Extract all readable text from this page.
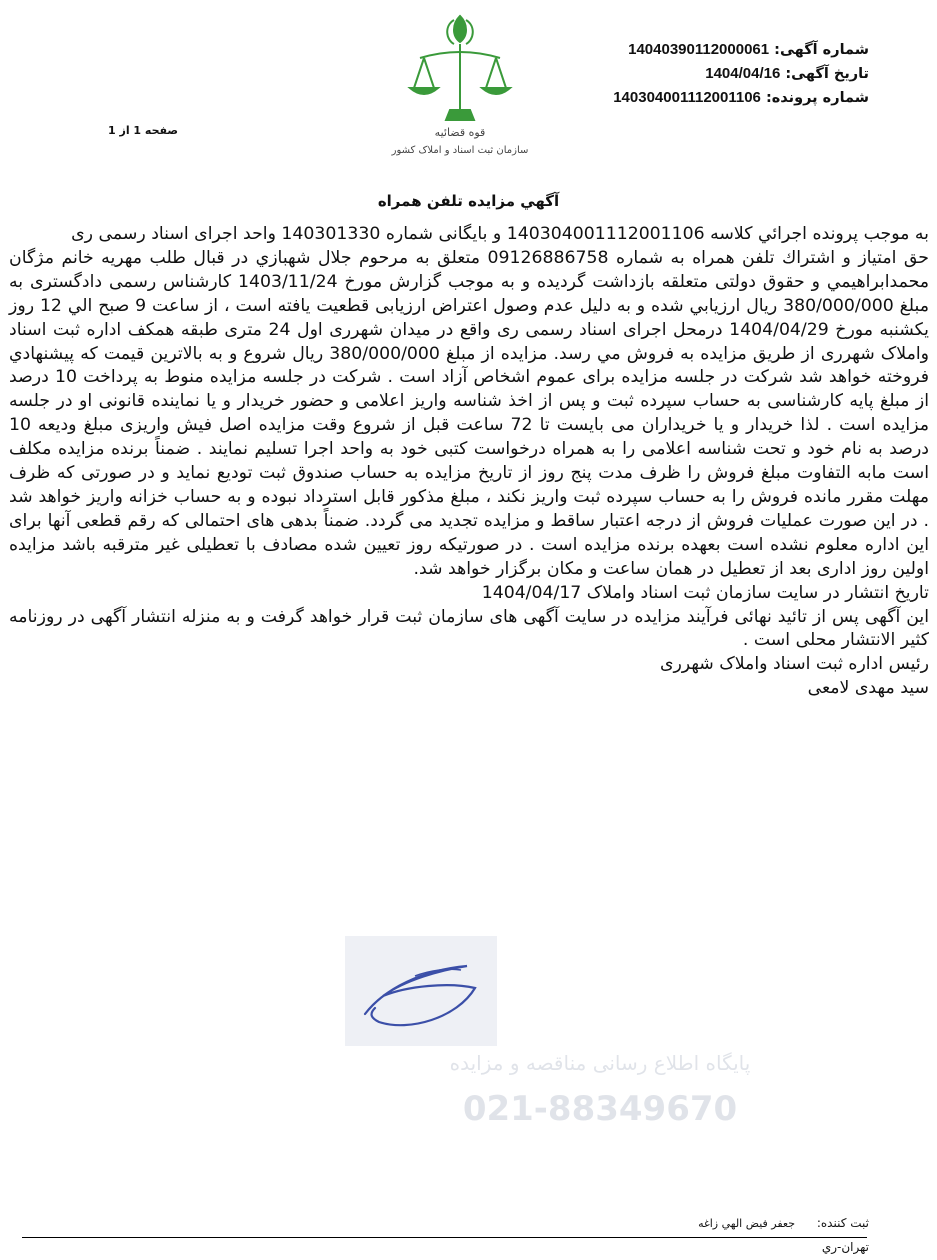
قوه قضائیه
سازمان ثبت اسناد و املاک کشور
شماره آگهی: 14040390112000061
تاریخ آگهی: 1404/04/16
شماره پرونده: 140304001112001106
صفحه 1 از 1
آگهي مزايده تلفن همراه
پایگاه اطلاع رسانی مناقصه و مزایده
021-88349670

به موجب پرونده اجرائي كلاسه 140304001112001106 و بایگانی شماره 140301330 واحد اجرای اسناد رسمی ری

حق امتیاز و اشتراك تلفن همراه به شماره 09126886758 متعلق به مرحوم جلال شهبازي در قبال طلب مهریه خانم مژگان محمدابراهیمي و حقوق دولتی متعلقه بازداشت گردیده و به موجب گزارش مورخ 1403/11/24 کارشناس رسمی دادگستری به مبلغ 380/000/000 ریال ارزیابي شده و به دلیل عدم وصول اعتراض ارزیابی قطعیت یافته است ، از ساعت 9 صبح الي 12 روز يكشنبه مورخ 1404/04/29 درمحل اجرای اسناد رسمی ری واقع در میدان شهرری اول 24 متری طبقه همکف اداره ثبت اسناد واملاک شهرری از طریق مزایده به فروش مي رسد. مزایده از مبلغ 380/000/000 ریال شروع و به بالاترین قیمت که پیشنهادي فروخته خواهد شد شرکت در جلسه مزایده برای عموم اشخاص آزاد است . شرکت در جلسه مزایده منوط به پرداخت 10 درصد از مبلغ پایه کارشناسی به حساب سپرده ثبت و پس از اخذ شناسه واریز اعلامی و حضور خریدار و یا نماینده قانونی او در جلسه مزایده است . لذا خریدار و یا خریداران می بایست تا 72 ساعت قبل از شروع وقت مزایده اصل فیش واریزی مبلغ ودیعه 10 درصد به نام خود و تحت شناسه اعلامی را به همراه درخواست کتبی خود به واحد اجرا تسلیم نمایند . ضمناً برنده مزایده مکلف است مابه التفاوت مبلغ فروش را ظرف مدت پنج روز از تاریخ مزایده به حساب صندوق ثبت تودیع نماید و در صورتی که ظرف مهلت مقرر مانده فروش را به حساب سپرده ثبت واریز نکند ، مبلغ مذکور قابل استرداد نبوده و به حساب خزانه واریز خواهد شد . در این صورت عملیات فروش از درجه اعتبار ساقط و مزایده تجدید می گردد. ضمناً بدهی های احتمالی که رقم قطعی آنها برای این اداره معلوم نشده است بعهده برنده مزایده است . در صورتیکه روز تعیین شده مصادف با تعطیلی غیر مترقبه باشد مزایده اولین روز اداری بعد از تعطیل در همان ساعت و مکان برگزار خواهد شد.

تاریخ انتشار در سایت سازمان ثبت اسناد واملاک 1404/04/17

این آگهی پس از تائید نهائی فرآیند مزایده در سایت آگهی های سازمان ثبت قرار خواهد گرفت و به منزله انتشار آگهی در روزنامه کثیر الانتشار محلی است .

رئیس اداره ثبت اسناد واملاک شهرری

سید مهدی لامعی

ثبت کننده: جعفر فيض الهي زاغه
تهران-ري
